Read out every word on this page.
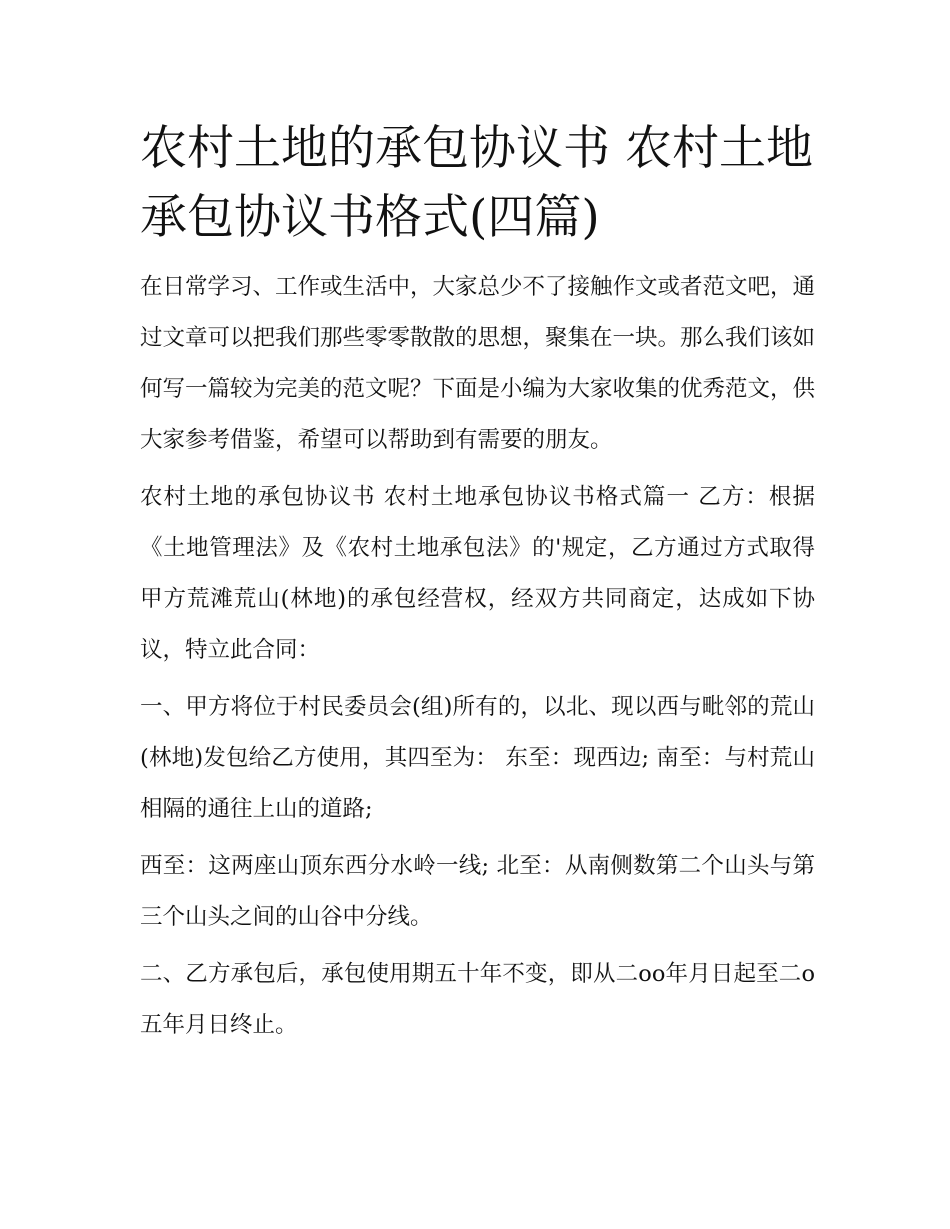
农村土地的承包协议书 农村土地承包协议书格式(四篇)

在日常学习、工作或生活中，大家总少不了接触作文或者范文吧，通过文章可以把我们那些零零散散的思想，聚集在一块。那么我们该如何写一篇较为完美的范文呢？下面是小编为大家收集的优秀范文，供大家参考借鉴，希望可以帮助到有需要的朋友。

农村土地的承包协议书 农村土地承包协议书格式篇一 乙方：根据《土地管理法》及《农村土地承包法》的'规定，乙方通过方式取得甲方荒滩荒山(林地)的承包经营权，经双方共同商定，达成如下协议，特立此合同：

一、甲方将位于村民委员会(组)所有的，以北、现以西与毗邻的荒山(林地)发包给乙方使用，其四至为： 东至：现西边; 南至：与村荒山相隔的通往上山的道路;

西至：这两座山顶东西分水岭一线; 北至：从南侧数第二个山头与第三个山头之间的山谷中分线。

二、乙方承包后，承包使用期五十年不变，即从二oo年月日起至二o五年月日终止。
